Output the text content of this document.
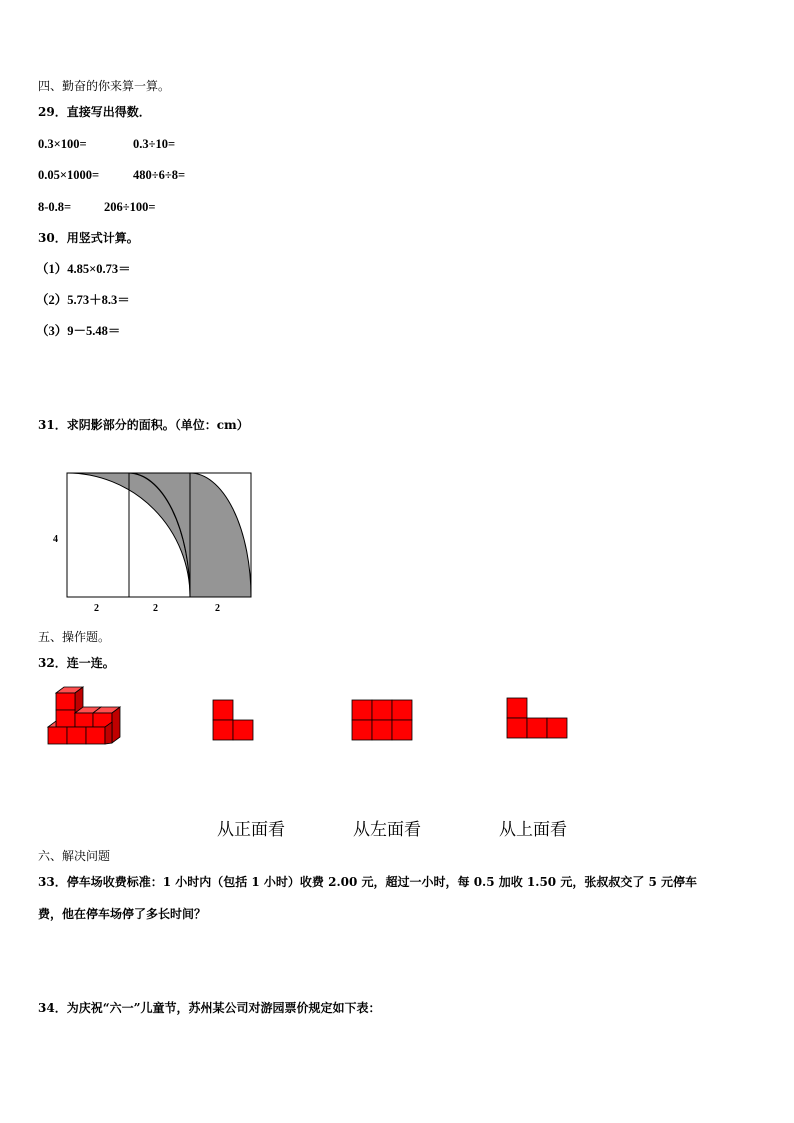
四、勤奋的你来算一算。
29．直接写出得数．
0.3×100=	0.3÷10=
0.05×1000=	480÷6÷8=
8-0.8=	206÷100=
30．用竖式计算。
（1）4.85×0.73＝
（2）5.73＋8.3＝
（3）9－5.48＝
31．求阴影部分的面积。（单位：cm）
4
2	2	2
五、操作题。
32．连一连。
从正面看	从左面看	从上面看
六、解决问题
33．停车场收费标准：1 小时内（包括 1 小时）收费 2.00 元，超过一小时，每 0.5 加收 1.50 元，张叔叔交了 5 元停车
费，他在停车场停了多长时间？
34．为庆祝“六一”儿童节，苏州某公司对游园票价规定如下表：
